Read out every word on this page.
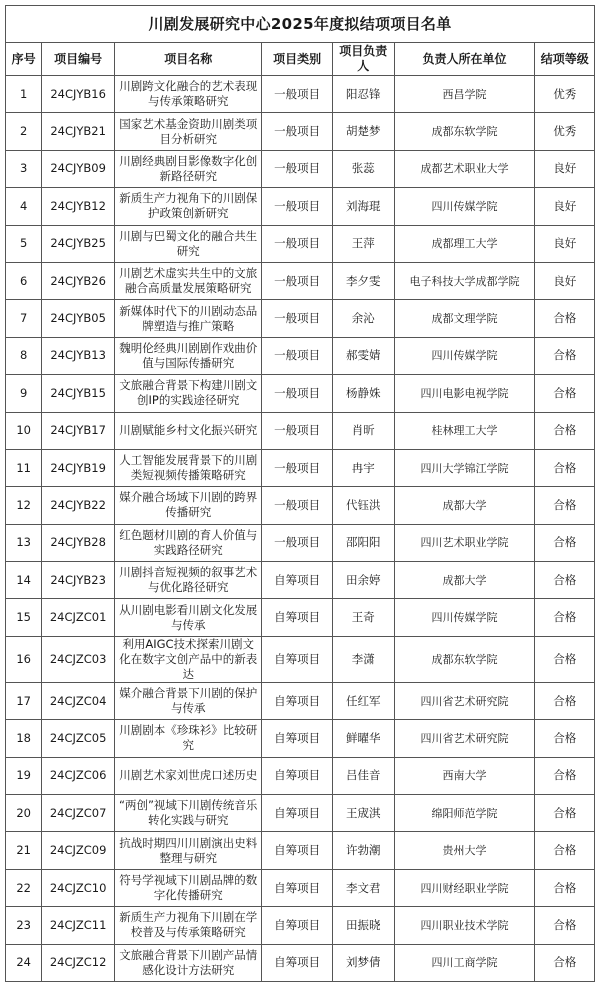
川剧发展研究中心2025年度拟结项项目名单						
序号	项目编号	项目名称	项目类别	项目负责人	负责人所在单位	结项等级
1	24CJYB16	川剧跨文化融合的艺术表现与传承策略研究	一般项目	阳忍锋	西昌学院	优秀
2	24CJYB21	国家艺术基金资助川剧类项目分析研究	一般项目	胡楚梦	成都东软学院	优秀
3	24CJYB09	川剧经典剧目影像数字化创新路径研究	一般项目	张蕊	成都艺术职业大学	良好
4	24CJYB12	新质生产力视角下的川剧保护政策创新研究	一般项目	刘海琨	四川传媒学院	良好
5	24CJYB25	川剧与巴蜀文化的融合共生研究	一般项目	王萍	成都理工大学	良好
6	24CJYB26	川剧艺术虚实共生中的文旅融合高质量发展策略研究	一般项目	李夕雯	电子科技大学成都学院	良好
7	24CJYB05	新媒体时代下的川剧动态品牌塑造与推广策略	一般项目	余沁	成都文理学院	合格
8	24CJYB13	魏明伦经典川剧剧作戏曲价值与国际传播研究	一般项目	郝雯婧	四川传媒学院	合格
9	24CJYB15	文旅融合背景下构建川剧文创IP的实践途径研究	一般项目	杨静姝	四川电影电视学院	合格
10	24CJYB17	川剧赋能乡村文化振兴研究	一般项目	肖昕	桂林理工大学	合格
11	24CJYB19	人工智能发展背景下的川剧类短视频传播策略研究	一般项目	冉宇	四川大学锦江学院	合格
12	24CJYB22	媒介融合场域下川剧的跨界传播研究	一般项目	代钰洪	成都大学	合格
13	24CJYB28	红色题材川剧的育人价值与实践路径研究	一般项目	邵阳阳	四川艺术职业学院	合格
14	24CJYB23	川剧抖音短视频的叙事艺术与优化路径研究	自筹项目	田余婷	成都大学	合格
15	24CJZC01	从川剧电影看川剧文化发展与传承	自筹项目	王奇	四川传媒学院	合格
16	24CJZC03	利用AIGC技术探索川剧文化在数字文创产品中的新表达	自筹项目	李潇	成都东软学院	合格
17	24CJZC04	媒介融合背景下川剧的保护与传承	自筹项目	任红军	四川省艺术研究院	合格
18	24CJZC05	川剧剧本《珍珠衫》比较研究	自筹项目	鲜曜华	四川省艺术研究院	合格
19	24CJZC06	川剧艺术家刘世虎口述历史	自筹项目	吕佳音	西南大学	合格
20	24CJZC07	“两创”视域下川剧传统音乐转化实践与研究	自筹项目	王宬淇	绵阳师范学院	合格
21	24CJZC09	抗战时期四川川剧演出史料整理与研究	自筹项目	许勃潮	贵州大学	合格
22	24CJZC10	符号学视域下川剧品牌的数字化传播研究	自筹项目	李文君	四川财经职业学院	合格
23	24CJZC11	新质生产力视角下川剧在学校普及与传承策略研究	自筹项目	田振晓	四川职业技术学院	合格
24	24CJZC12	文旅融合背景下川剧产品情感化设计方法研究	自筹项目	刘梦倩	四川工商学院	合格
